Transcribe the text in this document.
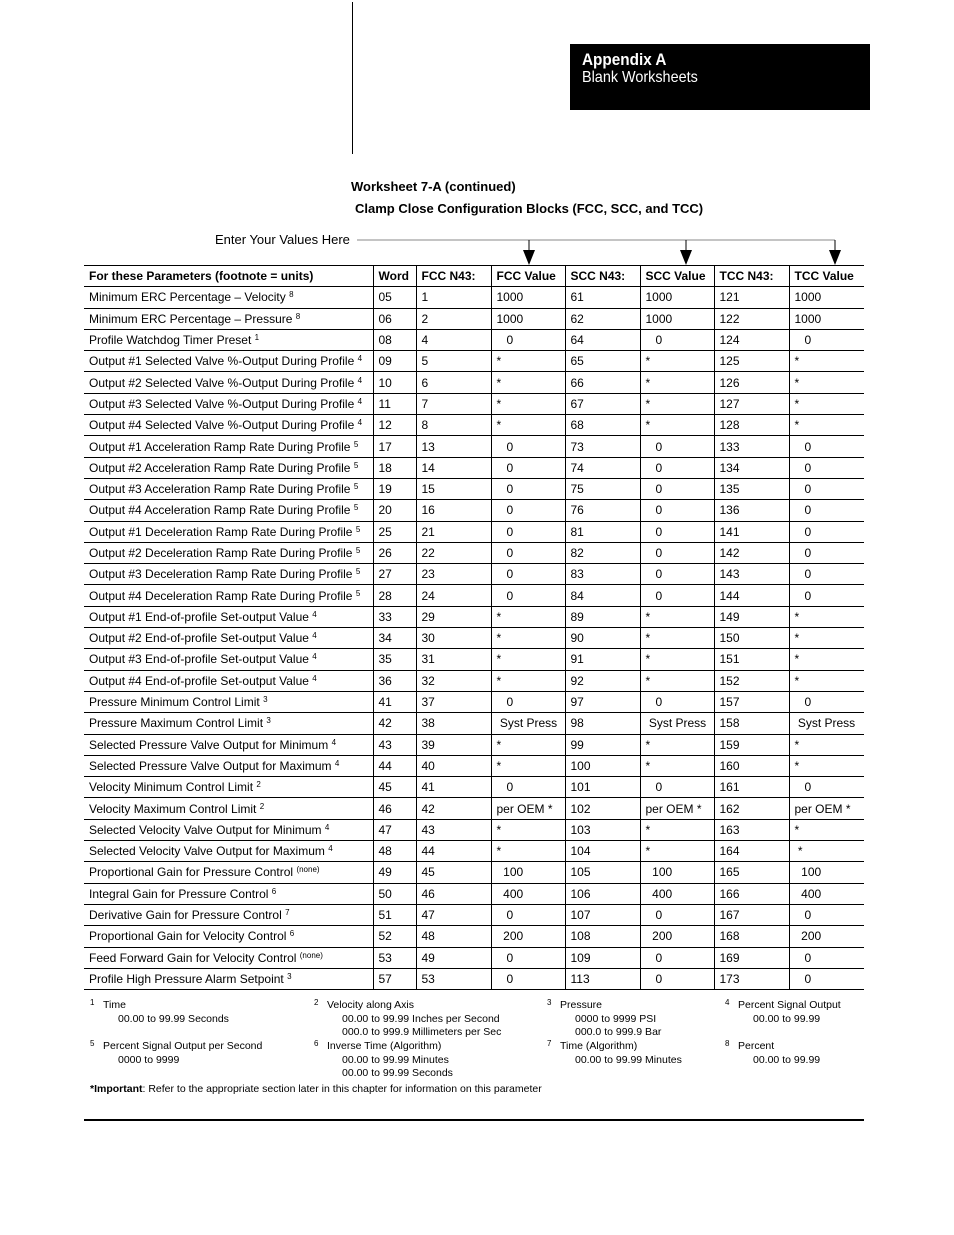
Appendix A
Blank Worksheets
Worksheet 7-A (continued)
Clamp Close Configuration Blocks (FCC, SCC, and TCC)
Enter Your Values Here
For these Parameters (footnote = units)	Word	FCC N43:	FCC Value	SCC N43:	SCC Value	TCC N43:	TCC Value
Minimum ERC Percentage – Velocity $^8$	05	1	1000	61	1000	121	1000
Minimum ERC Percentage – Pressure $^8$	06	2	1000	62	1000	122	1000
Profile Watchdog Timer Preset $^1$	08	4	0	64	0	124	0
Output #1 Selected Valve %-Output During Profile $^4$	09	5	*	65	*	125	*
Output #2 Selected Valve %-Output During Profile $^4$	10	6	*	66	*	126	*
Output #3 Selected Valve %-Output During Profile $^4$	11	7	*	67	*	127	*
Output #4 Selected Valve %-Output During Profile $^4$	12	8	*	68	*	128	*
Output #1 Acceleration Ramp Rate During Profile $^5$	17	13	0	73	0	133	0
Output #2 Acceleration Ramp Rate During Profile $^5$	18	14	0	74	0	134	0
Output #3 Acceleration Ramp Rate During Profile $^5$	19	15	0	75	0	135	0
Output #4 Acceleration Ramp Rate During Profile $^5$	20	16	0	76	0	136	0
Output #1 Deceleration Ramp Rate During Profile $^5$	25	21	0	81	0	141	0
Output #2 Deceleration Ramp Rate During Profile $^5$	26	22	0	82	0	142	0
Output #3 Deceleration Ramp Rate During Profile $^5$	27	23	0	83	0	143	0
Output #4 Deceleration Ramp Rate During Profile $^5$	28	24	0	84	0	144	0
Output #1 End-of-profile Set-output Value $^4$	33	29	*	89	*	149	*
Output #2 End-of-profile Set-output Value $^4$	34	30	*	90	*	150	*
Output #3 End-of-profile Set-output Value $^4$	35	31	*	91	*	151	*
Output #4 End-of-profile Set-output Value $^4$	36	32	*	92	*	152	*
Pressure Minimum Control Limit $^3$	41	37	0	97	0	157	0
Pressure Maximum Control Limit $^3$	42	38	Syst Press	98	Syst Press	158	Syst Press
Selected Pressure Valve Output for Minimum $^4$	43	39	*	99	*	159	*
Selected Pressure Valve Output for Maximum $^4$	44	40	*	100	*	160	*
Velocity Minimum Control Limit $^2$	45	41	0	101	0	161	0
Velocity Maximum Control Limit $^2$	46	42	per OEM *	102	per OEM *	162	per OEM *
Selected Velocity Valve Output for Minimum $^4$	47	43	*	103	*	163	*
Selected Velocity Valve Output for Maximum $^4$	48	44	*	104	*	164	*
Proportional Gain for Pressure Control $^{(none)}$	49	45	100	105	100	165	100
Integral Gain for Pressure Control $^6$	50	46	400	106	400	166	400
Derivative Gain for Pressure Control $^7$	51	47	0	107	0	167	0
Proportional Gain for Velocity Control $^6$	52	48	200	108	200	168	200
Feed Forward Gain for Velocity Control $^{(none)}$	53	49	0	109	0	169	0
Profile High Pressure Alarm Setpoint $^3$	57	53	0	113	0	173	0
1 Time
00.00 to 99.99 Seconds
2 Velocity along Axis
00.00 to 99.99 Inches per Second
000.0 to 999.9 Millimeters per Sec
3 Pressure
0000 to 9999 PSI
000.0 to 999.9 Bar
4 Percent Signal Output
00.00 to 99.99
5 Percent Signal Output per Second
0000 to 9999
6 Inverse Time (Algorithm)
00.00 to 99.99 Minutes
00.00 to 99.99 Seconds
7 Time (Algorithm)
00.00 to 99.99 Minutes
8 Percent
00.00 to 99.99
*Important: Refer to the appropriate section later in this chapter for information on this parameter
